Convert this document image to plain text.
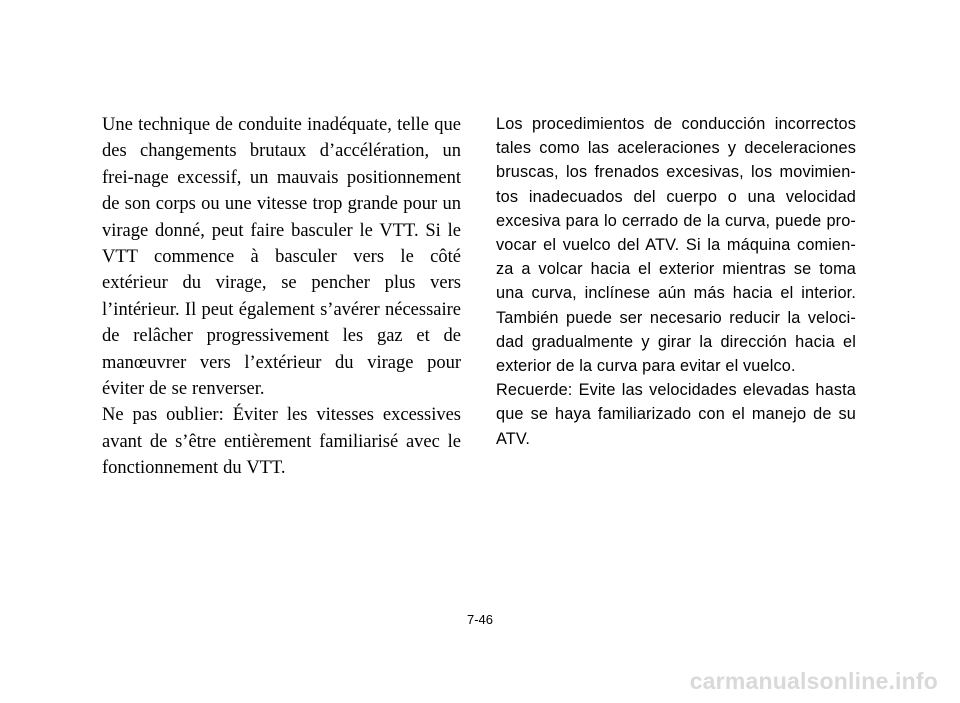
Une technique de conduite inadéquate, telle que des changements brutaux d’accélération, un frei-nage excessif, un mauvais positionnement de son corps ou une vitesse trop grande pour un virage donné, peut faire basculer le VTT. Si le VTT commence à basculer vers le côté extérieur du virage, se pencher plus vers l’intérieur. Il peut également s’avérer nécessaire de relâcher progressivement les gaz et de manœuvrer vers l’extérieur du virage pour éviter de se renverser.

Ne pas oublier: Éviter les vitesses excessives avant de s’être entièrement familiarisé avec le fonctionnement du VTT.

Los procedimientos de conducción incorrectos tales como las aceleraciones y deceleraciones bruscas, los frenados excesivas, los movimien-tos inadecuados del cuerpo o una velocidad excesiva para lo cerrado de la curva, puede pro-vocar el vuelco del ATV. Si la máquina comien-za a volcar hacia el exterior mientras se toma una curva, inclínese aún más hacia el interior. También puede ser necesario reducir la veloci-dad gradualmente y girar la dirección hacia el exterior de la curva para evitar el vuelco.

Recuerde: Evite las velocidades elevadas hasta que se haya familiarizado con el manejo de su ATV.

7-46
carmanualsonline.info
